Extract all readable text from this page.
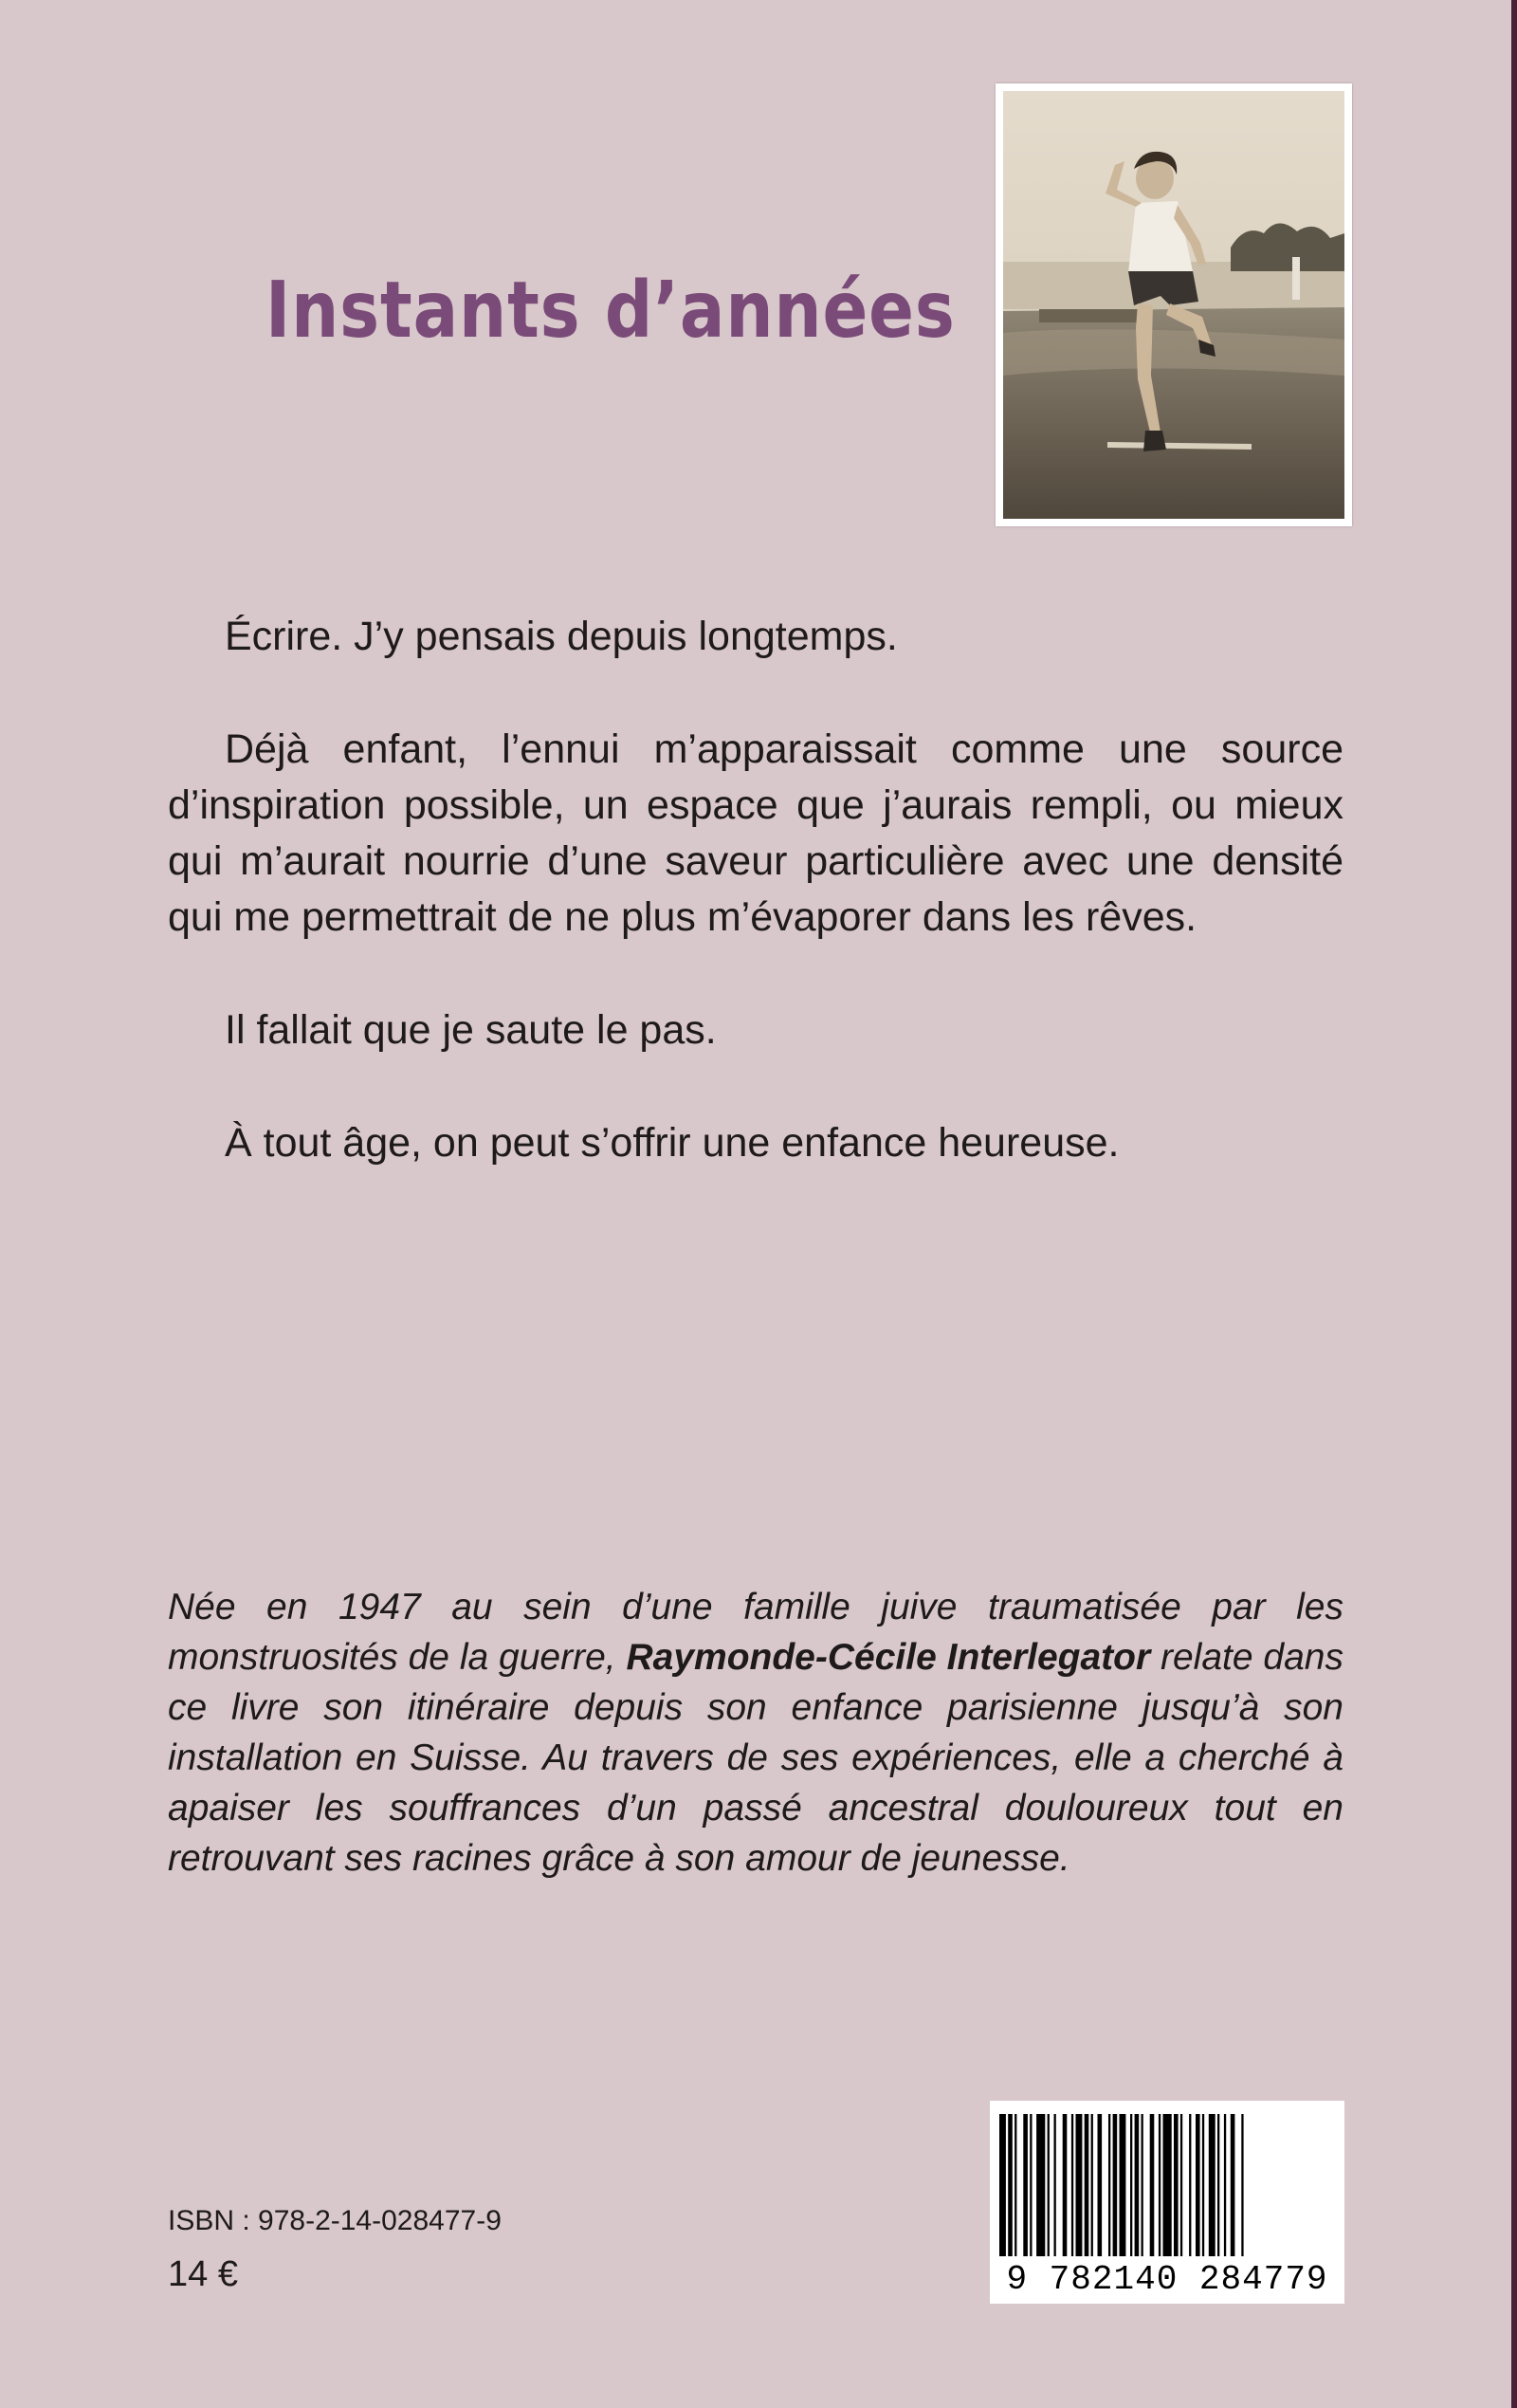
Instants d’années

Écrire. J’y pensais depuis longtemps.

Déjà enfant, l’ennui m’apparaissait comme une source d’inspiration possible, un espace que j’aurais rempli, ou mieux qui m’aurait nourrie d’une saveur particulière avec une densité qui me permettrait de ne plus m’évaporer dans les rêves.

Il fallait que je saute le pas.

À tout âge, on peut s’offrir une enfance heureuse.

Née en 1947 au sein d’une famille juive traumatisée par les monstruosités de la guerre, Raymonde-Cécile Interlegator relate dans ce livre son itinéraire depuis son enfance parisienne jusqu’à son installation en Suisse. Au travers de ses expériences, elle a cherché à apaiser les souffrances d’un passé ancestral douloureux tout en retrouvant ses racines grâce à son amour de jeunesse.
ISBN : 978-2-14-028477-9
14 €	9 782140 284779
